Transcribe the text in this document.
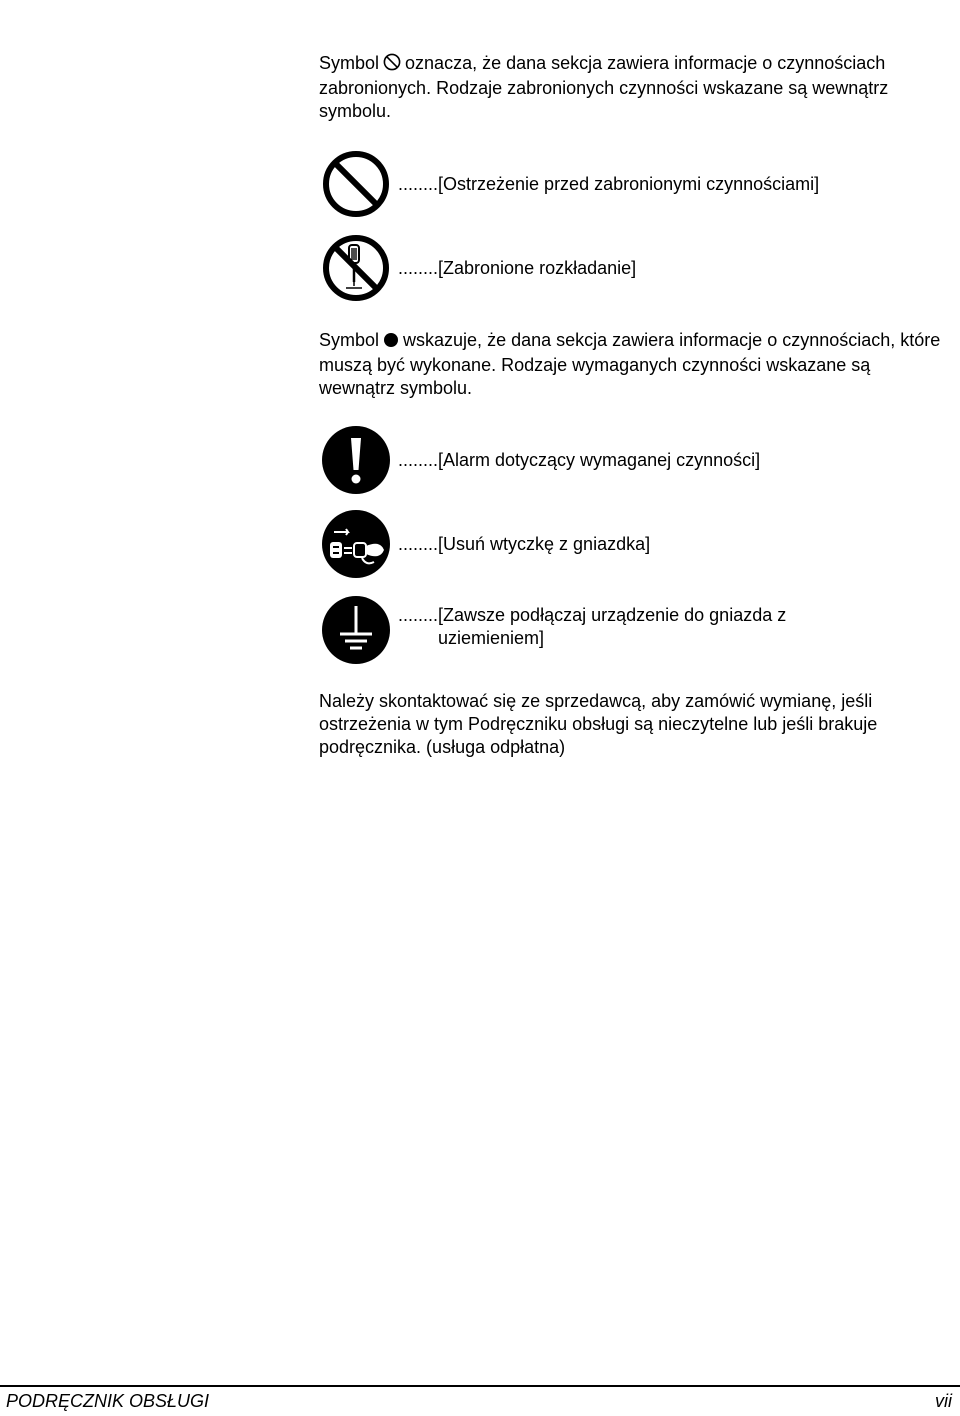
Symbol oznacza, że dana sekcja zawiera informacje o czynnościach zabronionych. Rodzaje zabronionych czynności wskazane są wewnątrz symbolu.
........ [Ostrzeżenie przed zabronionymi czynnościami]
........ [Zabronione rozkładanie]
Symbol wskazuje, że dana sekcja zawiera informacje o czynnościach, które muszą być wykonane. Rodzaje wymaganych czynności wskazane są wewnątrz symbolu.
........ [Alarm dotyczący wymaganej czynności]
........ [Usuń wtyczkę z gniazdka]
........ [Zawsze podłączaj urządzenie do gniazda z uziemieniem]
Należy skontaktować się ze sprzedawcą, aby zamówić wymianę, jeśli ostrzeżenia w tym Podręczniku obsługi są nieczytelne lub jeśli brakuje podręcznika. (usługa odpłatna)
PODRĘCZNIK OBSŁUGI	vii
